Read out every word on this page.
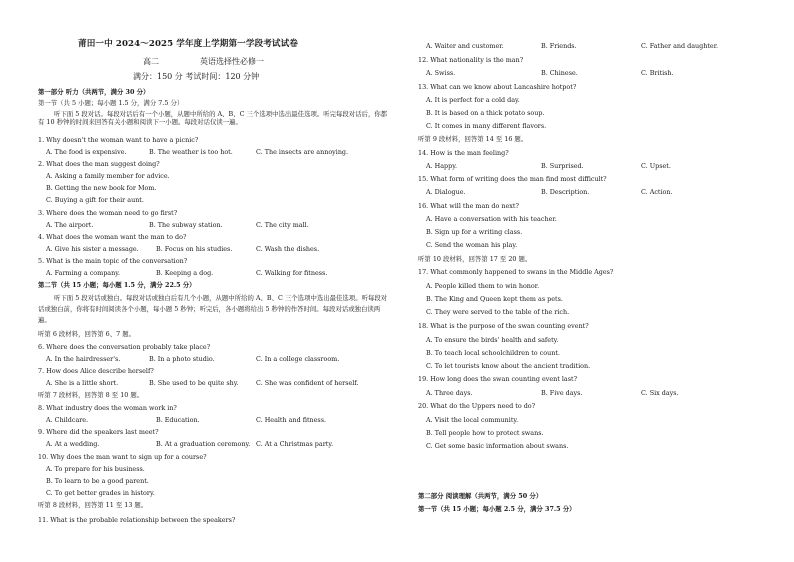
莆田一中 2024～2025 学年度上学期第一学段考试试卷
高二	英语选择性必修一
满分：150 分 考试时间：120 分钟
第一部分 听力（共两节，满分 30 分）
第一节（共 5 小题；每小题 1.5 分，满分 7.5 分）
听下面 5 段对话。每段对话后有一个小题，从题中所给的 A、B、C 三个选项中选出最佳选项。听完每段对话后，你都有 10 秒钟的时间来回答有关小题和阅读下一小题。每段对话仅读一遍。
1. Why doesn't the woman want to have a picnic?
A. The food is expensive.	B. The weather is too hot.	C. The insects are annoying.
2. What does the man suggest doing?
A. Asking a family member for advice.
B. Getting the new book for Mom.
C. Buying a gift for their aunt.
3. Where does the woman need to go first?
A. The airport.	B. The subway station.	C. The city mall.
4. What does the woman want the man to do?
A. Give his sister a message.	B. Focus on his studies.	C. Wash the dishes.
5. What is the main topic of the conversation?
A. Farming a company.	B. Keeping a dog.	C. Walking for fitness.
第二节（共 15 小题；每小题 1.5 分，满分 22.5 分）
听下面 5 段对话或独白。每段对话或独白后有几个小题，从题中所给的 A、B、C 三个选项中选出最佳选项。听每段对话或独白前，你将有时间阅读各个小题，每小题 5 秒钟；听完后，各小题将给出 5 秒钟的作答时间。每段对话或独白读两遍。
听第 6 段材料，回答第 6、7 题。
6. Where does the conversation probably take place?
A. In the hairdresser's.	B. In a photo studio.	C. In a college classroom.
7. How does Alice describe herself?
A. She is a little short.	B. She used to be quite shy.	C. She was confident of herself.
听第 7 段材料，回答第 8 至 10 题。
8. What industry does the woman work in?
A. Childcare.	B. Education.	C. Health and fitness.
9. Where did the speakers last meet?
A. At a wedding.	B. At a graduation ceremony. C. At a Christmas party.
10. Why does the man want to sign up for a course?
A. To prepare for his business.
B. To learn to be a good parent.
C. To get better grades in history.
听第 8 段材料，回答第 11 至 13 题。
11. What is the probable relationship between the speakers?
A. Waiter and customer.	B. Friends.	C. Father and daughter.
12. What nationality is the man?
A. Swiss.	B. Chinese.	C. British.
13. What can we know about Lancashire hotpot?
A. It is perfect for a cold day.
B. It is based on a thick potato soup.
C. It comes in many different flavors.
听第 9 段材料，回答第 14 至 16 题。
14. How is the man feeling?
A. Happy.	B. Surprised.	C. Upset.
15. What form of writing does the man find most difficult?
A. Dialogue.	B. Description.	C. Action.
16. What will the man do next?
A. Have a conversation with his teacher.
B. Sign up for a writing class.
C. Send the woman his play.
听第 10 段材料，回答第 17 至 20 题。
17. What commonly happened to swans in the Middle Ages?
A. People killed them to win honor.
B. The King and Queen kept them as pets.
C. They were served to the table of the rich.
18. What is the purpose of the swan counting event?
A. To ensure the birds' health and safety.
B. To teach local schoolchildren to count.
C. To let tourists know about the ancient tradition.
19. How long does the swan counting event last?
A. Three days.	B. Five days.	C. Six days.
20. What do the Uppers need to do?
A. Visit the local community.
B. Tell people how to protect swans.
C. Get some basic information about swans.
第二部分 阅读理解（共两节，满分 50 分）
第一节（共 15 小题；每小题 2.5 分，满分 37.5 分）
